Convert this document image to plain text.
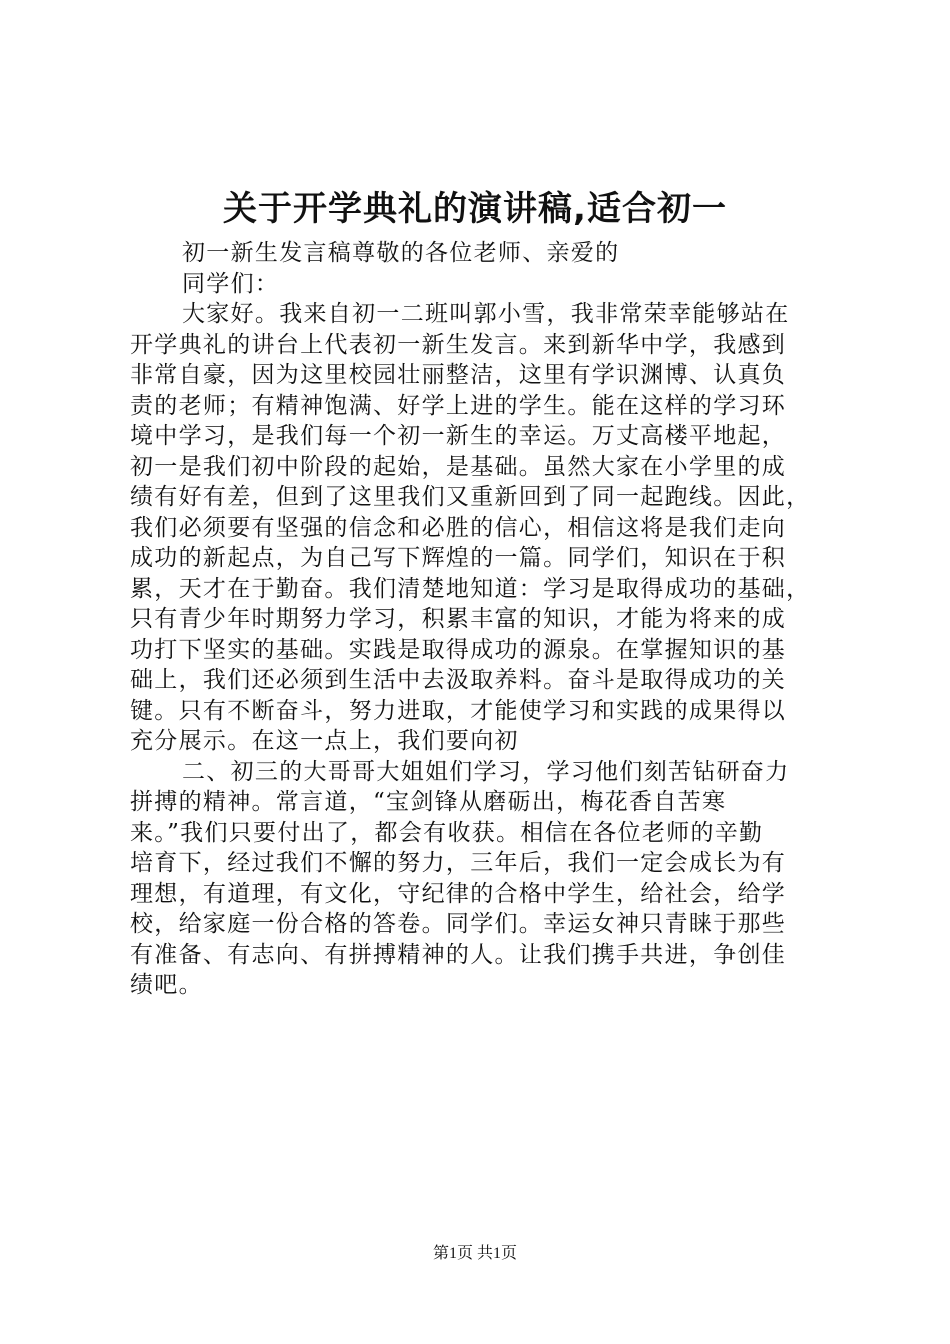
关于开学典礼的演讲稿,适合初一
初一新生发言稿尊敬的各位老师、亲爱的
同学们：
大家好。我来自初一二班叫郭小雪，我非常荣幸能够站在
开学典礼的讲台上代表初一新生发言。来到新华中学，我感到
非常自豪，因为这里校园壮丽整洁，这里有学识渊博、认真负
责的老师；有精神饱满、好学上进的学生。能在这样的学习环
境中学习，是我们每一个初一新生的幸运。万丈高楼平地起，
初一是我们初中阶段的起始，是基础。虽然大家在小学里的成
绩有好有差，但到了这里我们又重新回到了同一起跑线。因此，
我们必须要有坚强的信念和必胜的信心，相信这将是我们走向
成功的新起点，为自己写下辉煌的一篇。同学们，知识在于积
累，天才在于勤奋。我们清楚地知道：学习是取得成功的基础，
只有青少年时期努力学习，积累丰富的知识，才能为将来的成
功打下坚实的基础。实践是取得成功的源泉。在掌握知识的基
础上，我们还必须到生活中去汲取养料。奋斗是取得成功的关
键。只有不断奋斗，努力进取，才能使学习和实践的成果得以
充分展示。在这一点上，我们要向初
二、初三的大哥哥大姐姐们学习，学习他们刻苦钻研奋力
拼搏的精神。常言道，“宝剑锋从磨砺出，梅花香自苦寒
来。”我们只要付出了，都会有收获。相信在各位老师的辛勤
培育下，经过我们不懈的努力，三年后，我们一定会成长为有
理想，有道理，有文化，守纪律的合格中学生，给社会，给学
校，给家庭一份合格的答卷。同学们。幸运女神只青睐于那些
有准备、有志向、有拼搏精神的人。让我们携手共进，争创佳
绩吧。
第1页 共1页
